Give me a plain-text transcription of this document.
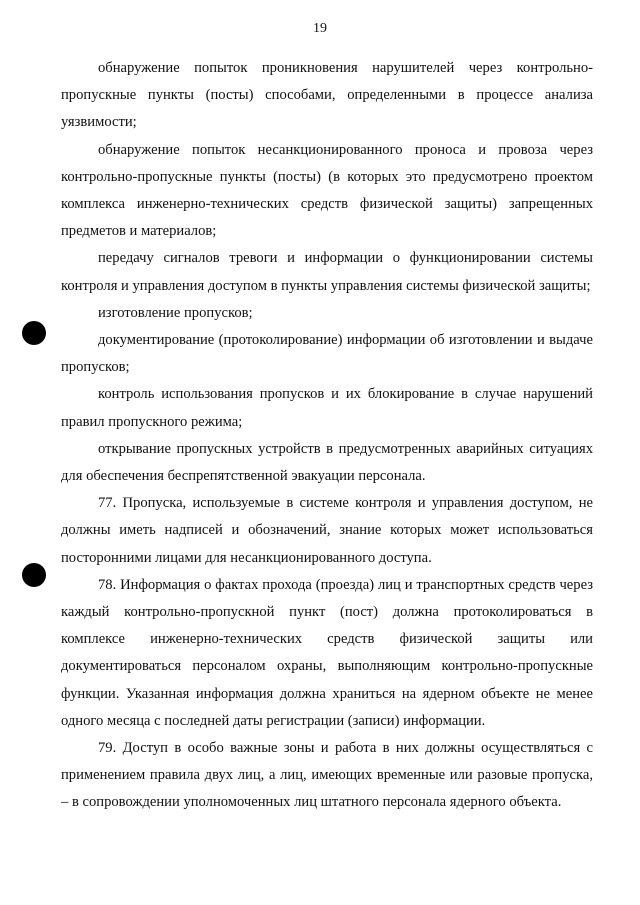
19

обнаружение попыток проникновения нарушителей через контрольно-пропускные пункты (посты) способами, определенными в процессе анализа уязвимости;

обнаружение попыток несанкционированного проноса и провоза через контрольно-пропускные пункты (посты) (в которых это предусмотрено проектом комплекса инженерно-технических средств физической защиты) запрещенных предметов и материалов;

передачу сигналов тревоги и информации о функционировании системы контроля и управления доступом в пункты управления системы физической защиты;

изготовление пропусков;

документирование (протоколирование) информации об изготовлении и выдаче пропусков;

контроль использования пропусков и их блокирование в случае нарушений правил пропускного режима;

открывание пропускных устройств в предусмотренных аварийных ситуациях для обеспечения беспрепятственной эвакуации персонала.

77. Пропуска, используемые в системе контроля и управления доступом, не должны иметь надписей и обозначений, знание которых может использоваться посторонними лицами для несанкционированного доступа.

78. Информация о фактах прохода (проезда) лиц и транспортных средств через каждый контрольно-пропускной пункт (пост) должна протоколироваться в комплексе инженерно-технических средств физической защиты или документироваться персоналом охраны, выполняющим контрольно-пропускные функции. Указанная информация должна храниться на ядерном объекте не менее одного месяца с последней даты регистрации (записи) информации.

79. Доступ в особо важные зоны и работа в них должны осуществляться с применением правила двух лиц, а лиц, имеющих временные или разовые пропуска, – в сопровождении уполномоченных лиц штатного персонала ядерного объекта.
